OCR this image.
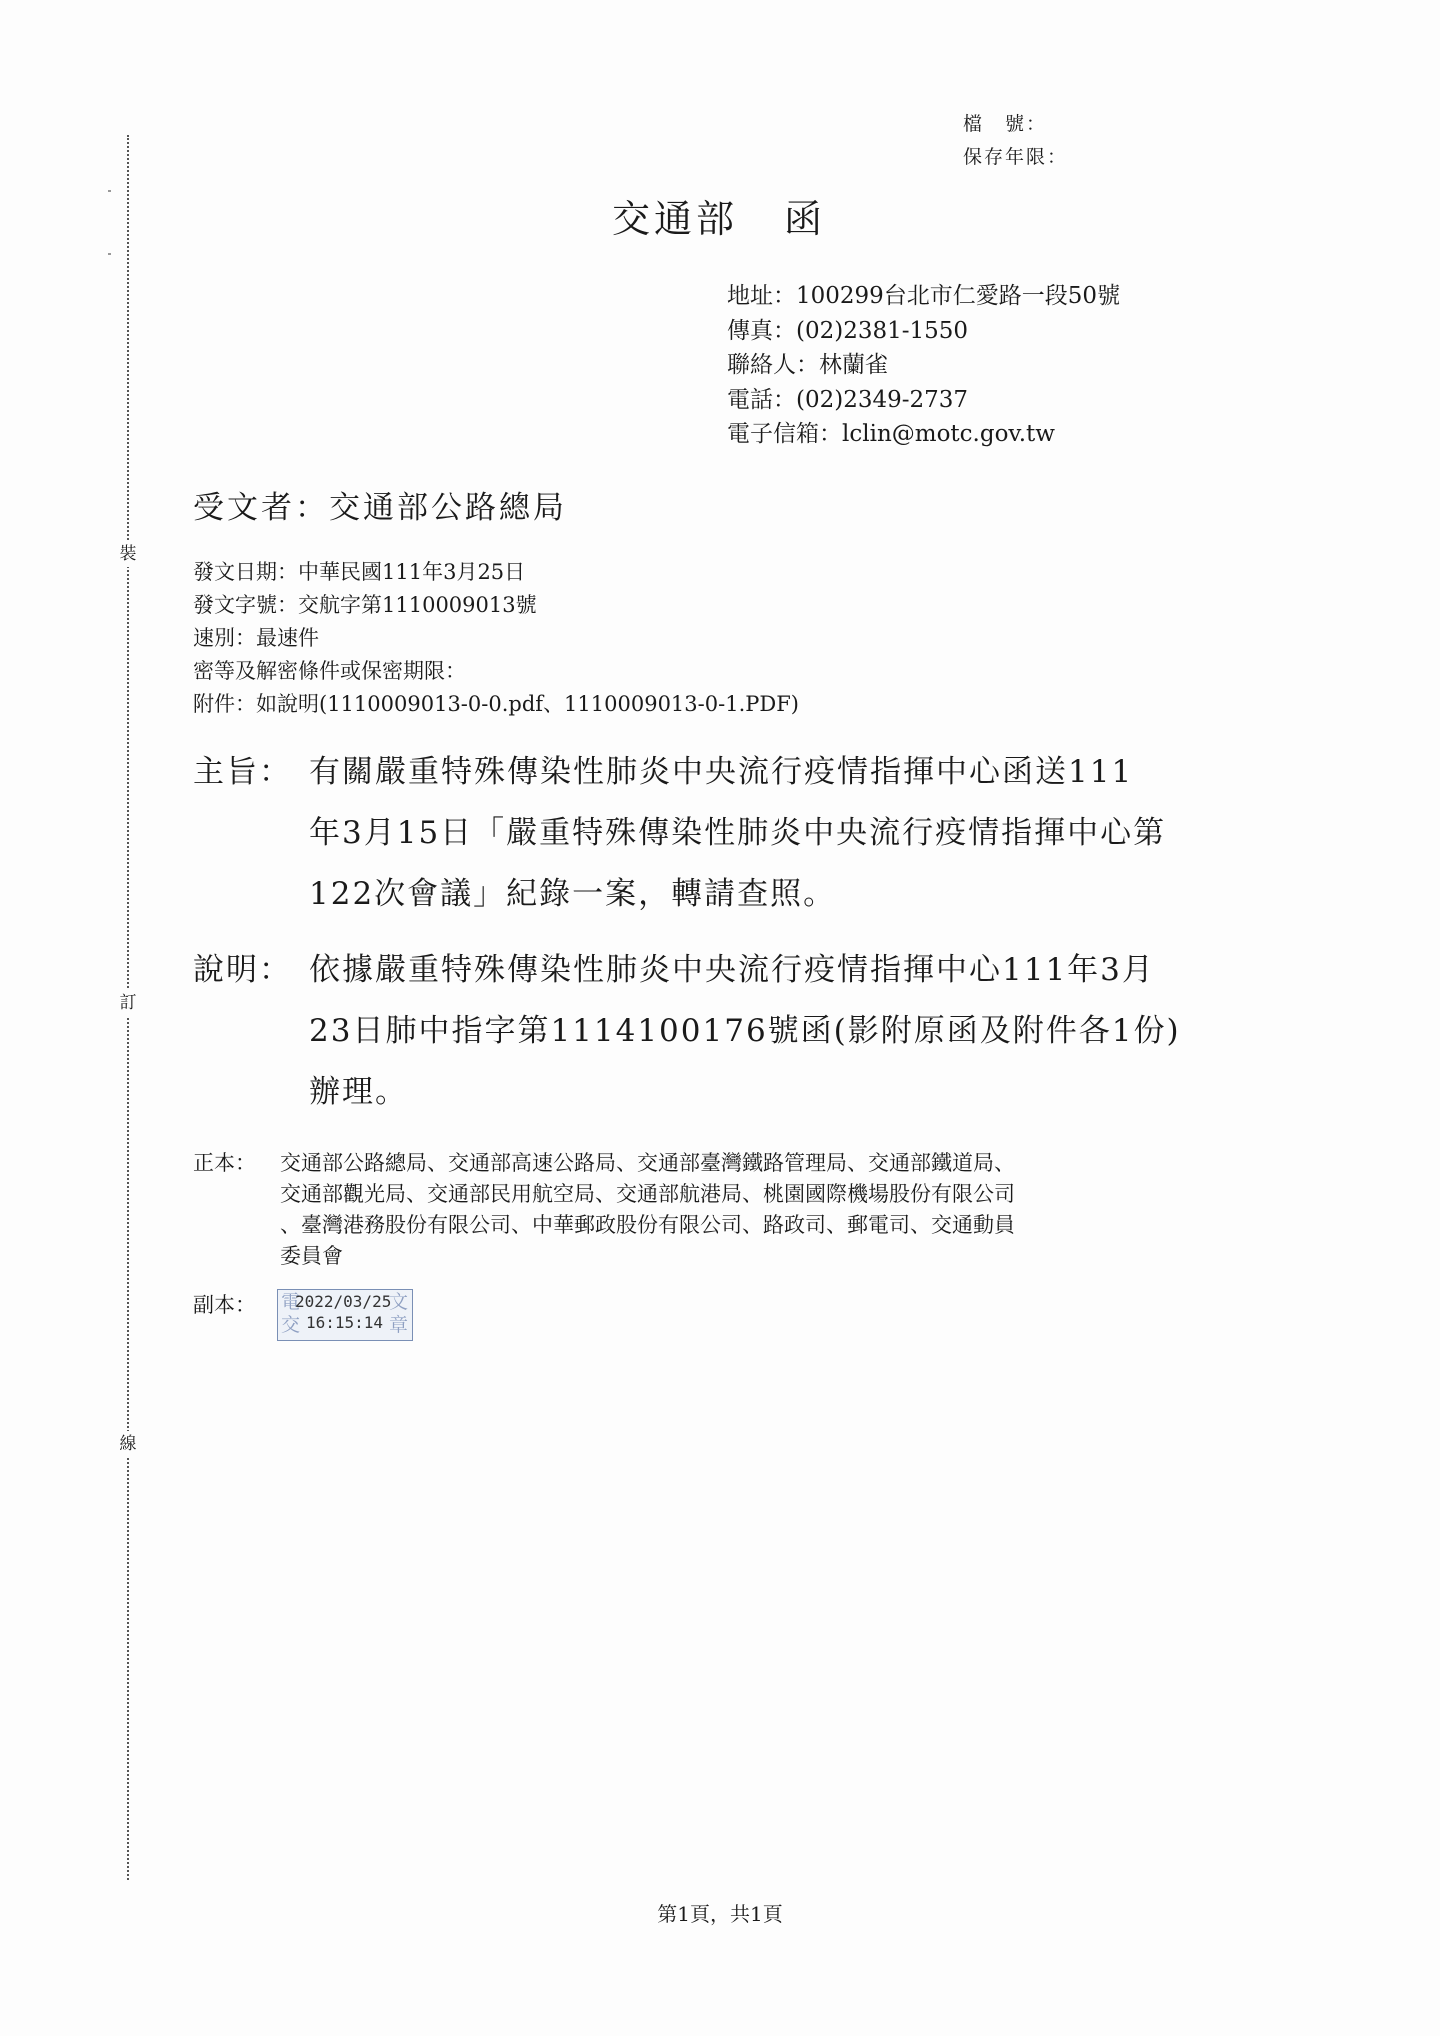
裝
訂
線
檔　號：
保存年限：
交通部 函
地址：100299台北市仁愛路一段50號
傳真：(02)2381-1550
聯絡人：林蘭雀
電話：(02)2349-2737
電子信箱：lclin@motc.gov.tw
受文者：交通部公路總局
發文日期：中華民國111年3月25日
發文字號：交航字第1110009013號
速別：最速件
密等及解密條件或保密期限：
附件：如說明(1110009013-0-0.pdf、1110009013-0-1.PDF)
主旨： 有關嚴重特殊傳染性肺炎中央流行疫情指揮中心函送111
年3月15日「嚴重特殊傳染性肺炎中央流行疫情指揮中心第
122次會議」紀錄一案，轉請查照。
說明： 依據嚴重特殊傳染性肺炎中央流行疫情指揮中心111年3月
23日肺中指字第1114100176號函(影附原函及附件各1份)
辦理。
正本： 交通部公路總局、交通部高速公路局、交通部臺灣鐵路管理局、交通部鐵道局、
交通部觀光局、交通部民用航空局、交通部航港局、桃園國際機場股份有限公司
、臺灣港務股份有限公司、中華郵政股份有限公司、路政司、郵電司、交通動員
委員會
副本： 電
交
文
章
2022/03/25
16:15:14
第1頁，共1頁
